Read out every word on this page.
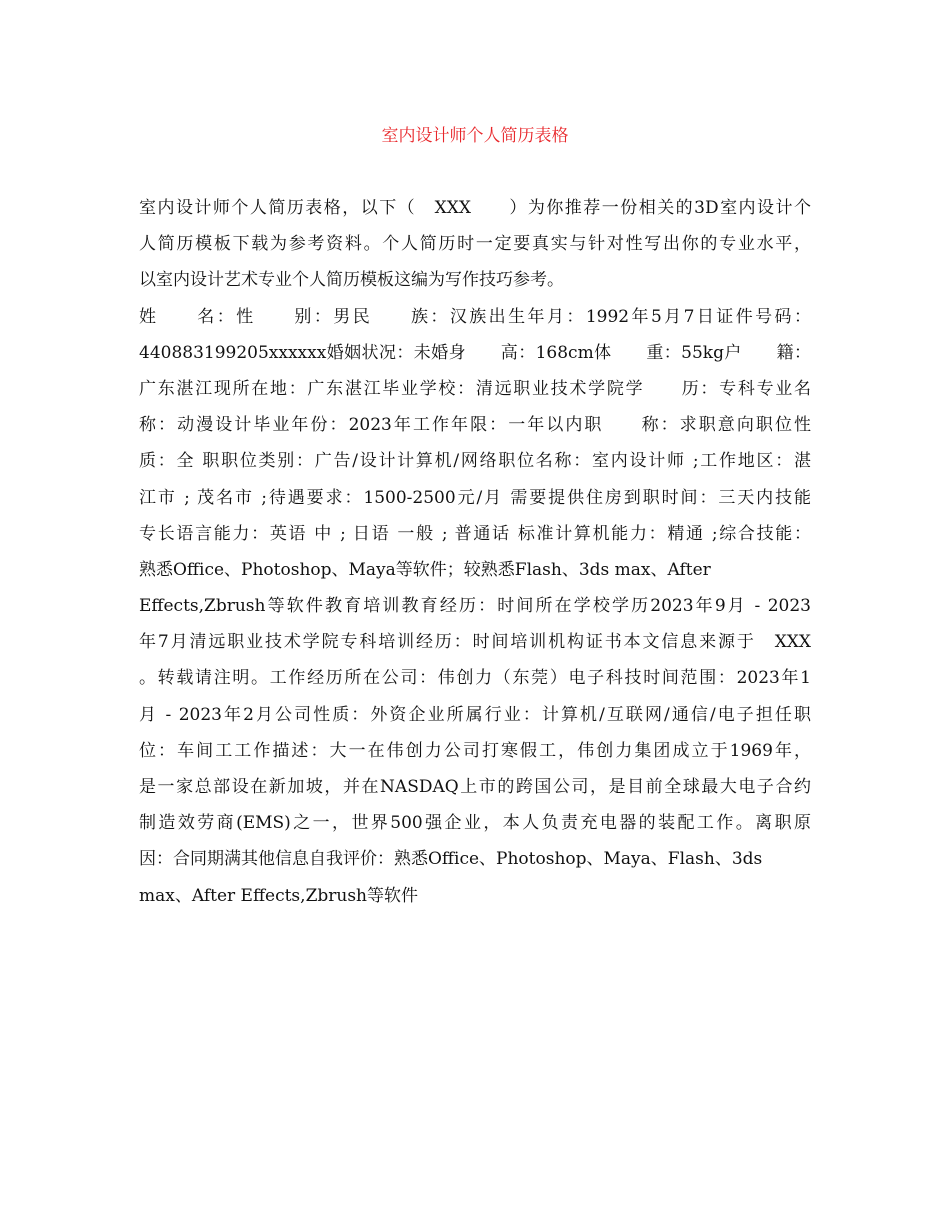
室内设计师个人简历表格
室内设计师个人简历表格，以下（　XXX　　）为你推荐一份相关的3D室内设计个
人简历模板下载为参考资料。个人简历时一定要真实与针对性写出你的专业水平，
以室内设计艺术专业个人简历模板这编为写作技巧参考。
姓　　名：性　　别：男民　　族：汉族出生年月：1992年5月7日证件号码：
440883199205xxxxxx婚姻状况：未婚身　　高：168cm体　　重：55kg户　　籍：
广东湛江现所在地：广东湛江毕业学校：清远职业技术学院学　　历：专科专业名
称：动漫设计毕业年份：2023年工作年限：一年以内职　　称：求职意向职位性
质：全 职职位类别：广告/设计计算机/网络职位名称：室内设计师 ;工作地区：湛
江市 ; 茂名市 ;待遇要求：1500-2500元/月 需要提供住房到职时间：三天内技能
专长语言能力：英语 中 ; 日语 一般 ; 普通话 标准计算机能力：精通 ;综合技能：
熟悉Office、Photoshop、Maya等软件；较熟悉Flash、3ds max、After
Effects,Zbrush等软件教育培训教育经历：时间所在学校学历2023年9月 - 2023
年7月清远职业技术学院专科培训经历：时间培训机构证书本文信息来源于　XXX
。转载请注明。工作经历所在公司：伟创力（东莞）电子科技时间范围：2023年1
月 - 2023年2月公司性质：外资企业所属行业：计算机/互联网/通信/电子担任职
位：车间工工作描述：大一在伟创力公司打寒假工，伟创力集团成立于1969年，
是一家总部设在新加坡，并在NASDAQ上市的跨国公司，是目前全球最大电子合约
制造效劳商(EMS)之一，世界500强企业，本人负责充电器的装配工作。离职原
因：合同期满其他信息自我评价：熟悉Office、Photoshop、Maya、Flash、3ds
max、After Effects,Zbrush等软件
